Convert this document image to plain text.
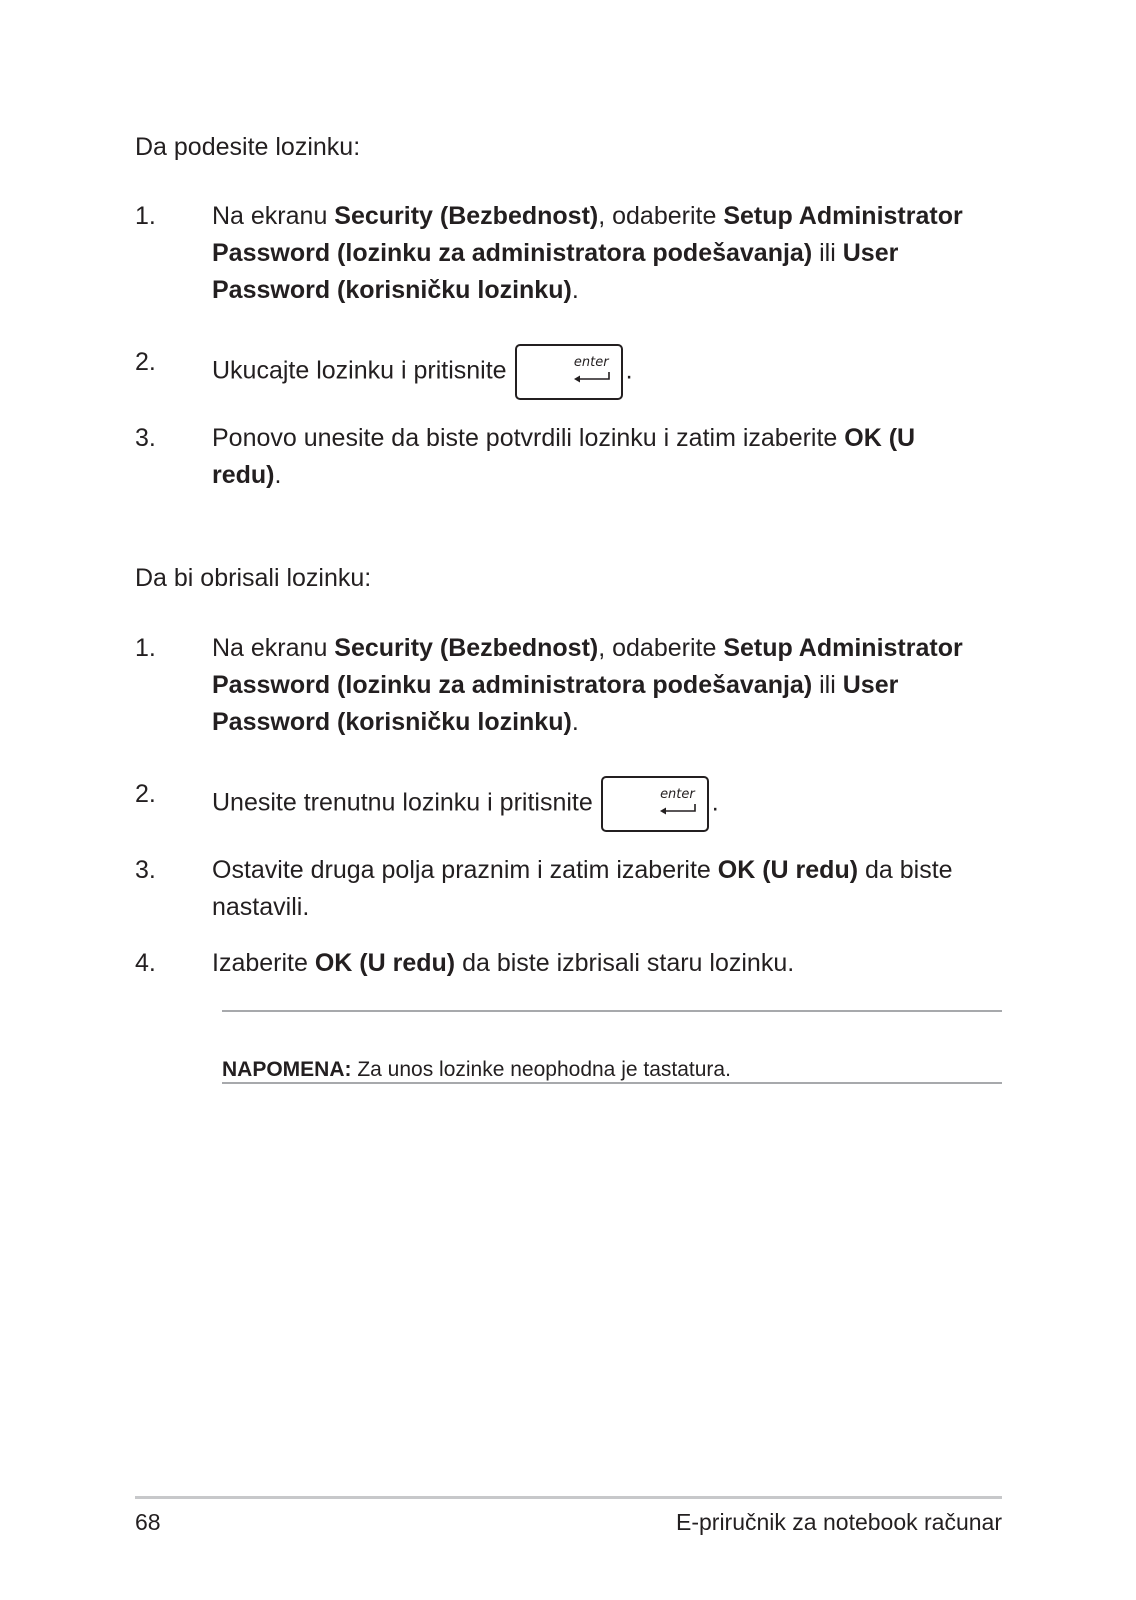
Da podesite lozinku:
1. Na ekranu Security (Bezbednost), odaberite Setup Administrator Password (lozinku za administratora podešavanja) ili User Password (korisničku lozinku).
2. Ukucajte lozinku i pritisnite	enter .
3. Ponovo unesite da biste potvrdili lozinku i zatim izaberite OK (U redu).
Da bi obrisali lozinku:
1. Na ekranu Security (Bezbednost), odaberite Setup Administrator Password (lozinku za administratora podešavanja) ili User Password (korisničku lozinku).
2. Unesite trenutnu lozinku i pritisnite	enter .
3. Ostavite druga polja praznim i zatim izaberite OK (U redu) da biste nastavili.
4. Izaberite OK (U redu) da biste izbrisali staru lozinku.
NAPOMENA: Za unos lozinke neophodna je tastatura.
68	E-priručnik za notebook računar
